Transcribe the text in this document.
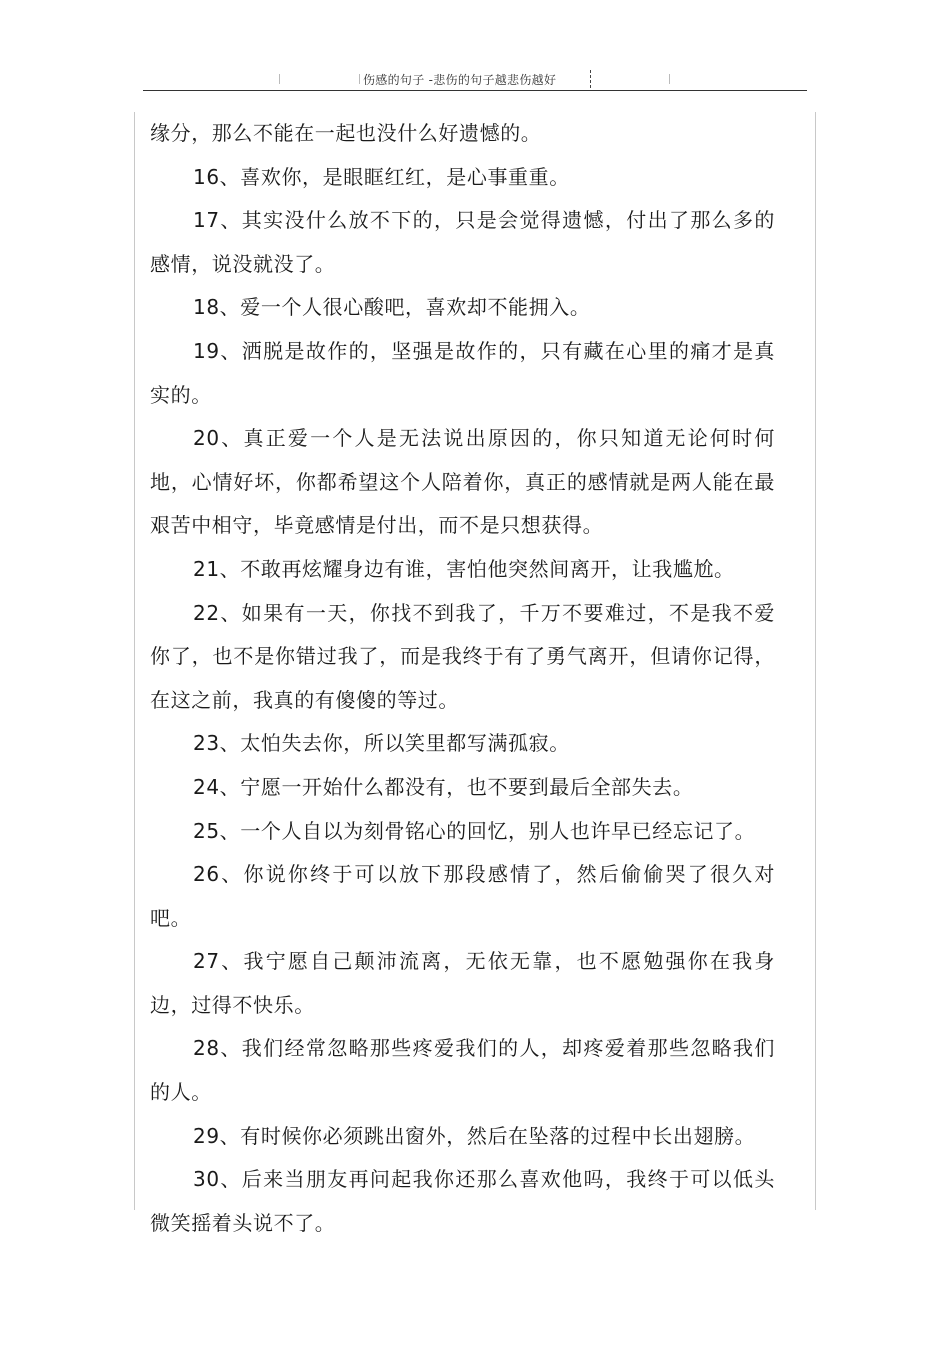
伤感的句子 -悲伤的句子越悲伤越好

缘分，那么不能在一起也没什么好遗憾的。

16、喜欢你，是眼眶红红，是心事重重。

17、其实没什么放不下的，只是会觉得遗憾，付出了那么多的感情，说没就没了。

18、爱一个人很心酸吧，喜欢却不能拥入。

19、洒脱是故作的，坚强是故作的，只有藏在心里的痛才是真实的。

20、真正爱一个人是无法说出原因的，你只知道无论何时何地，心情好坏，你都希望这个人陪着你，真正的感情就是两人能在最艰苦中相守，毕竟感情是付出，而不是只想获得。

21、不敢再炫耀身边有谁，害怕他突然间离开，让我尴尬。

22、如果有一天，你找不到我了，千万不要难过，不是我不爱你了，也不是你错过我了，而是我终于有了勇气离开，但请你记得，在这之前，我真的有傻傻的等过。

23、太怕失去你，所以笑里都写满孤寂。

24、宁愿一开始什么都没有，也不要到最后全部失去。

25、一个人自以为刻骨铭心的回忆，别人也许早已经忘记了。

26、你说你终于可以放下那段感情了，然后偷偷哭了很久对吧。

27、我宁愿自己颠沛流离，无依无靠，也不愿勉强你在我身边，过得不快乐。

28、我们经常忽略那些疼爱我们的人，却疼爱着那些忽略我们的人。

29、有时候你必须跳出窗外，然后在坠落的过程中长出翅膀。

30、后来当朋友再问起我你还那么喜欢他吗，我终于可以低头微笑摇着头说不了。
